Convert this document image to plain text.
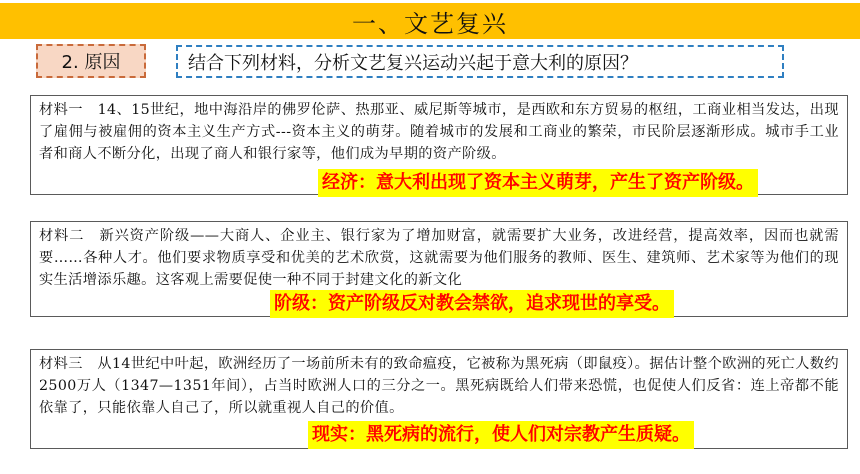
一、文艺复兴
2. 原因	结合下列材料，分析文艺复兴运动兴起于意大利的原因？

材料一　14、15世纪，地中海沿岸的佛罗伦萨、热那亚、威尼斯等城市，是西欧和东方贸易的枢纽，工商业相当发达，出现了雇佣与被雇佣的资本主义生产方式---资本主义的萌芽。随着城市的发展和工商业的繁荣，市民阶层逐渐形成。城市手工业者和商人不断分化，出现了商人和银行家等，他们成为早期的资产阶级。

经济：意大利出现了资本主义萌芽，产生了资产阶级。

材料二　新兴资产阶级——大商人、企业主、银行家为了增加财富，就需要扩大业务，改进经营，提高效率，因而也就需要……各种人才。他们要求物质享受和优美的艺术欣赏，这就需要为他们服务的教师、医生、建筑师、艺术家等为他们的现实生活增添乐趣。这客观上需要促使一种不同于封建文化的新文化

阶级：资产阶级反对教会禁欲，追求现世的享受。

材料三　从14世纪中叶起，欧洲经历了一场前所未有的致命瘟疫，它被称为黑死病（即鼠疫）。据估计整个欧洲的死亡人数约2500万人（1347—1351年间），占当时欧洲人口的三分之一。黑死病既给人们带来恐慌，也促使人们反省：连上帝都不能依靠了，只能依靠人自己了，所以就重视人自己的价值。

现实：黑死病的流行，使人们对宗教产生质疑。
